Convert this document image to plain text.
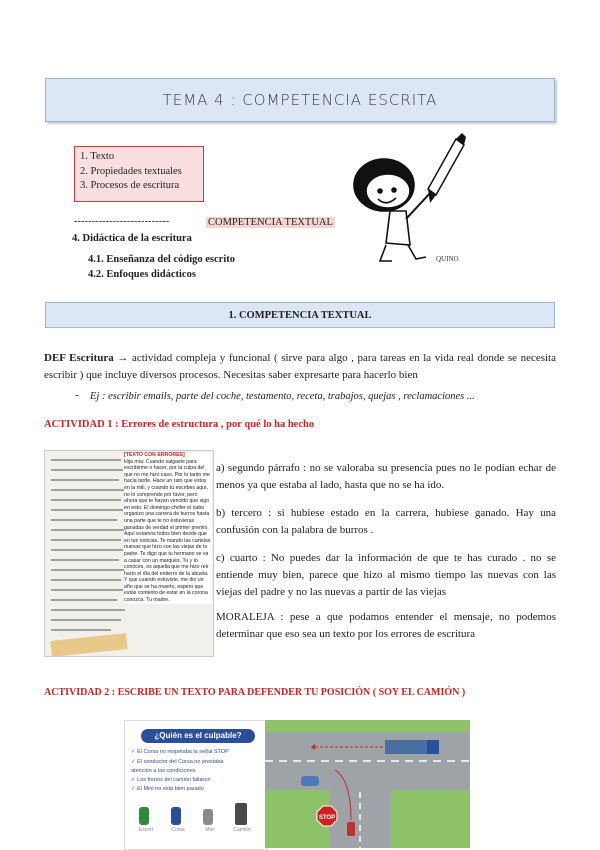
TEMA 4 : COMPETENCIA ESCRITA
1. Texto
2. Propiedades textuales
3. Procesos de escritura
---------------------------	COMPETENCIA TEXTUAL
4. Didáctica de la escritura
4.1. Enseñanza del código escrito
4.2. Enfoques didácticos
QUINO
1. COMPETENCIA TEXTUAL
DEF Escritura → actividad compleja y funcional ( sirve para algo , para tareas en la vida real donde se necesita escribir ) que incluye diversos procesos. Necesitas saber expresarte para hacerlo bien
- Ej : escribir emails, parte del coche, testamento, receta, trabajos, quejas , reclamaciones ...
ACTIVIDAD 1 : Errores de estructura , por qué lo ha hecho
[TEXTO CON ERRORES]
Hija mía: Cuando salgaste para escribirme o hacer, por la culpa del que no me hizo caso. Por lo tanto me hacía tarde. Hace un rato que estoy en la mili, y cuando tú escribes aquí, no lo comprendo por favor, pero ahora que te hayan vencido que sigo en esto. El domingo chofer el nabo organizo una carrera de burros hasta una parte que te no estuvieras ganadas de verdad el primer premio. Aquí estamos todos bien desde que en tus noticias. Te mando las cartelas nuevas que hizo con las viejas de tu padre. Te digo que tu hermano se va a casar con un marqués. Tu y lo conoces, es aquella que me hizo reír harto el día del entierro de la abuela. Y que cuando estuviste, me dio un año que se ha muerto, espero que estás contento de estar en la corona conozca. Tu madre.
a) segundo párrafo : no se valoraba su presencia pues no le podían echar de menos ya que estaba al lado, hasta que no se ha ido.
b) tercero : si hubiese estado en la carrera, hubiese ganado. Hay una confusión con la palabra de burros .
c) cuarto : No puedes dar la información de que te has curado . no se entiende muy bien, parece que hizo al mismo tiempo las nuevas con las viejas del padre y no las nuevas a partir de las viejas
MORALEJA : pese a que podamos entender el mensaje, no podemos determinar que eso sea un texto por los errores de escritura
ACTIVIDAD 2 : ESCRIBE UN TEXTO PARA DEFENDER TU POSICIÓN ( SOY EL CAMIÓN )
¿Quién es el culpable?
✓ El Corsa no respetaba la señal STOP
✓ El conductor del Corsa no prestaba
atención a las condiciones
✓ Los frenos del camión fallaron
✓ El Mini no está bien parado
Escort	Corsa	Mini	Camión
STOP
